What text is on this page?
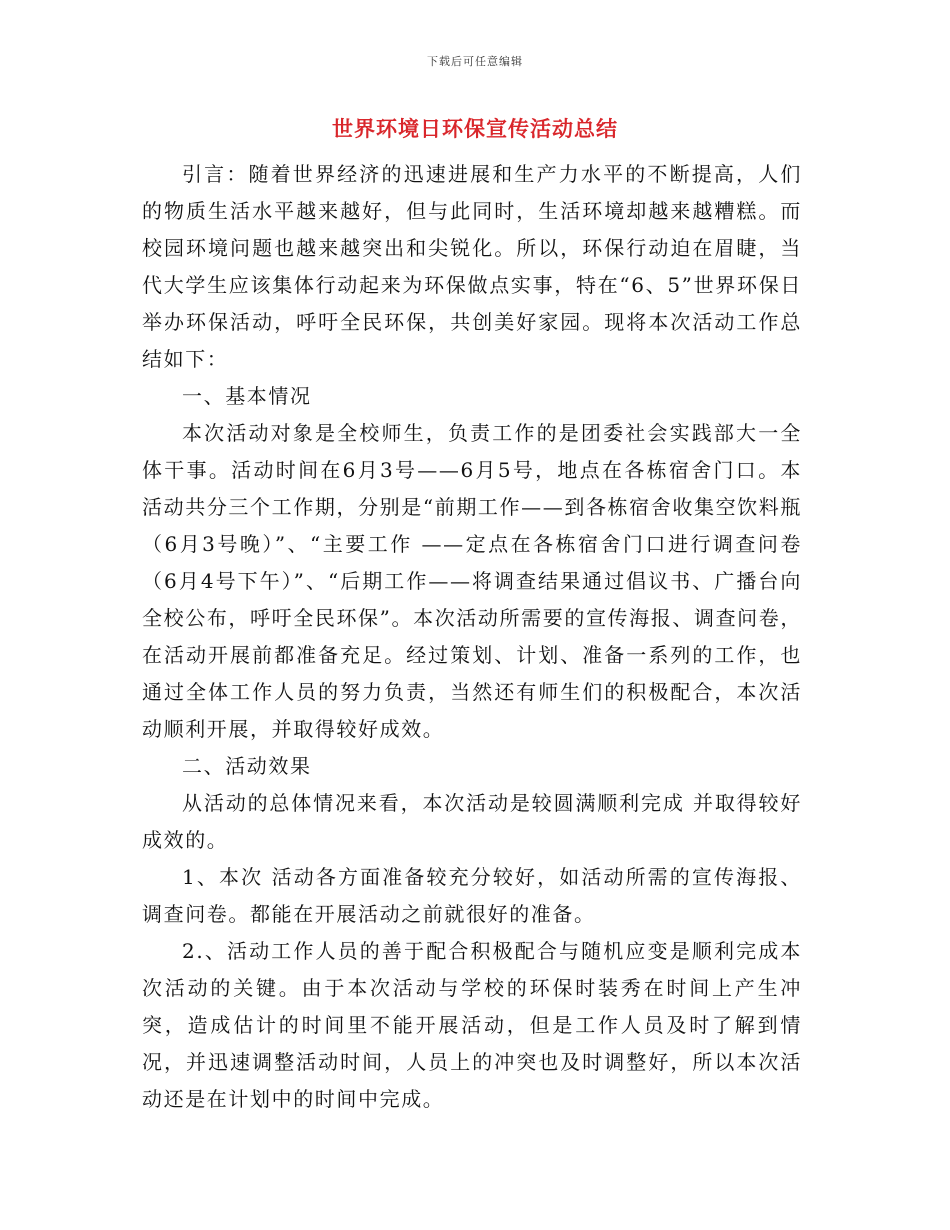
下载后可任意编辑
世界环境日环保宣传活动总结

引言：随着世界经济的迅速进展和生产力水平的不断提高，人们的物质生活水平越来越好，但与此同时，生活环境却越来越糟糕。而校园环境问题也越来越突出和尖锐化。所以，环保行动迫在眉睫，当代大学生应该集体行动起来为环保做点实事，特在“6、5”世界环保日举办环保活动，呼吁全民环保，共创美好家园。现将本次活动工作总结如下：

一、基本情况

本次活动对象是全校师生，负责工作的是团委社会实践部大一全体干事。活动时间在6月3号——6月5号，地点在各栋宿舍门口。本活动共分三个工作期，分别是“前期工作——到各栋宿舍收集空饮料瓶（6月3号晚）”、“主要工作 ——定点在各栋宿舍门口进行调查问卷（6月4号下午）”、“后期工作——将调查结果通过倡议书、广播台向全校公布，呼吁全民环保”。本次活动所需要的宣传海报、调查问卷，在活动开展前都准备充足。经过策划、计划、准备一系列的工作，也通过全体工作人员的努力负责，当然还有师生们的积极配合，本次活动顺利开展，并取得较好成效。

二、活动效果

从活动的总体情况来看，本次活动是较圆满顺利完成 并取得较好成效的。

1、本次 活动各方面准备较充分较好，如活动所需的宣传海报、调查问卷。都能在开展活动之前就很好的准备。

2.、活动工作人员的善于配合积极配合与随机应变是顺利完成本次活动的关键。由于本次活动与学校的环保时装秀在时间上产生冲突，造成估计的时间里不能开展活动，但是工作人员及时了解到情况，并迅速调整活动时间，人员上的冲突也及时调整好，所以本次活动还是在计划中的时间中完成。
